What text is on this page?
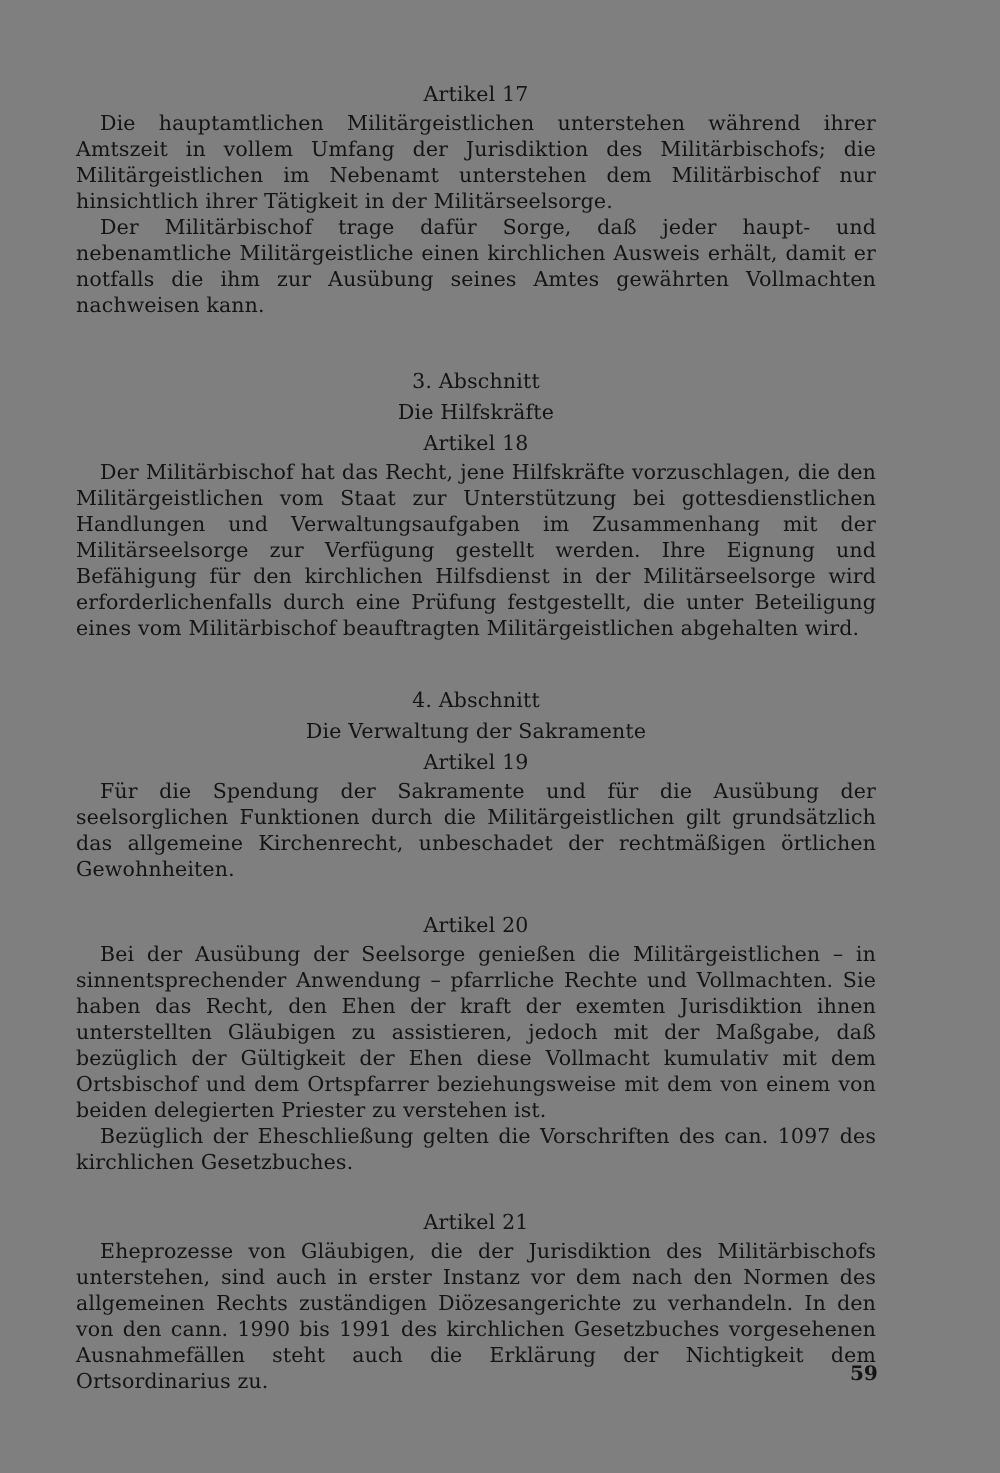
Artikel 17

Die hauptamtlichen Militärgeistlichen unterstehen während ihrer Amtszeit in vollem Umfang der Jurisdiktion des Militärbischofs; die Militärgeistlichen im Nebenamt unterstehen dem Militärbischof nur hinsichtlich ihrer Tätigkeit in der Militärseelsorge.

Der Militärbischof trage dafür Sorge, daß jeder haupt- und nebenamtliche Militärgeistliche einen kirchlichen Ausweis erhält, damit er notfalls die ihm zur Ausübung seines Amtes gewährten Vollmachten nachweisen kann.

3. Abschnitt

Die Hilfskräfte

Artikel 18

Der Militärbischof hat das Recht, jene Hilfskräfte vorzuschlagen, die den Militärgeistlichen vom Staat zur Unterstützung bei gottesdienstlichen Handlungen und Verwaltungsaufgaben im Zusammenhang mit der Militärseelsorge zur Verfügung gestellt werden. Ihre Eignung und Befähigung für den kirchlichen Hilfsdienst in der Militärseelsorge wird erforderlichenfalls durch eine Prüfung festgestellt, die unter Beteiligung eines vom Militärbischof beauftragten Militärgeistlichen abgehalten wird.

4. Abschnitt

Die Verwaltung der Sakramente

Artikel 19

Für die Spendung der Sakramente und für die Ausübung der seelsorglichen Funktionen durch die Militärgeistlichen gilt grundsätzlich das allgemeine Kirchenrecht, unbeschadet der rechtmäßigen örtlichen Gewohnheiten.

Artikel 20

Bei der Ausübung der Seelsorge genießen die Militärgeistlichen – in sinnentsprechender Anwendung – pfarrliche Rechte und Vollmachten. Sie haben das Recht, den Ehen der kraft der exemten Jurisdiktion ihnen unterstellten Gläubigen zu assistieren, jedoch mit der Maßgabe, daß bezüglich der Gültigkeit der Ehen diese Vollmacht kumulativ mit dem Ortsbischof und dem Ortspfarrer beziehungsweise mit dem von einem von beiden delegierten Priester zu verstehen ist.

Bezüglich der Eheschließung gelten die Vorschriften des can. 1097 des kirchlichen Gesetzbuches.

Artikel 21

Eheprozesse von Gläubigen, die der Jurisdiktion des Militärbischofs unterstehen, sind auch in erster Instanz vor dem nach den Normen des allgemeinen Rechts zuständigen Diözesangerichte zu verhandeln. In den von den cann. 1990 bis 1991 des kirchlichen Gesetzbuches vorgesehenen Ausnahmefällen steht auch die Erklärung der Nichtigkeit dem Ortsordinarius zu.	59
